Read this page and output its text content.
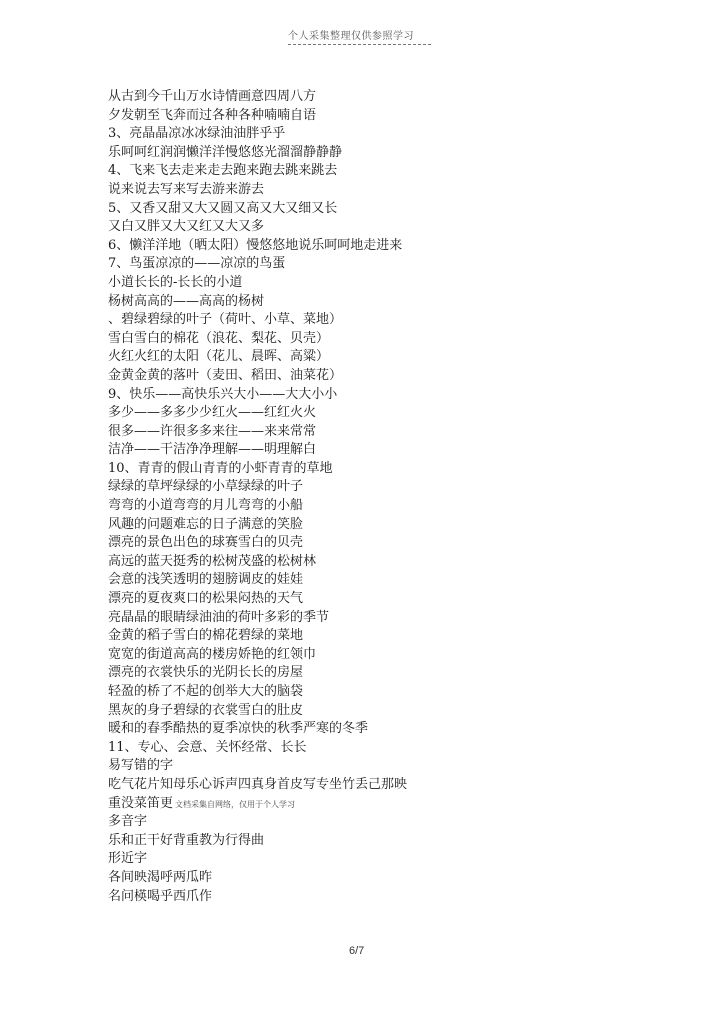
个人采集整理仅供参照学习
从古到今千山万水诗情画意四周八方
夕发朝至飞奔而过各种各种喃喃自语
3、亮晶晶凉冰冰绿油油胖乎乎
乐呵呵红润润懒洋洋慢悠悠光溜溜静静静
4、飞来飞去走来走去跑来跑去跳来跳去
说来说去写来写去游来游去
5、又香又甜又大又圆又高又大又细又长
又白又胖又大又红又大又多
6、懒洋洋地（晒太阳）慢悠悠地说乐呵呵地走进来
7、鸟蛋凉凉的——凉凉的鸟蛋
小道长长的-长长的小道
杨树高高的——高高的杨树
、碧绿碧绿的叶子（荷叶、小草、菜地）
雪白雪白的棉花（浪花、梨花、贝壳）
火红火红的太阳（花儿、晨晖、高粱）
金黄金黄的落叶（麦田、稻田、油菜花）
9、快乐——高快乐兴大小——大大小小
多少——多多少少红火——红红火火
很多——许很多多来往——来来常常
洁净——干洁净净理解——明理解白
10、青青的假山青青的小虾青青的草地
绿绿的草坪绿绿的小草绿绿的叶子
弯弯的小道弯弯的月儿弯弯的小船
风趣的问题难忘的日子满意的笑脸
漂亮的景色出色的球赛雪白的贝壳
高远的蓝天挺秀的松树茂盛的松树林
会意的浅笑透明的翅膀调皮的娃娃
漂亮的夏夜爽口的松果闷热的天气
亮晶晶的眼睛绿油油的荷叶多彩的季节
金黄的稻子雪白的棉花碧绿的菜地
宽宽的街道高高的楼房娇艳的红领巾
漂亮的衣裳快乐的光阴长长的房屋
轻盈的桥了不起的创举大大的脑袋
黑灰的身子碧绿的衣裳雪白的肚皮
暖和的春季酷热的夏季凉快的秋季严寒的冬季
11、专心、会意、关怀经常、长长
易写错的字
吃气花片知母乐心诉声四真身首皮写专坐竹丢己那映
重没菜笛更 文档采集自网络，仅用于个人学习
多音字
乐和正干好背重教为行得曲
形近字
各间映渴呼两瓜昨
名问楧喝乎西爪作
6/7
